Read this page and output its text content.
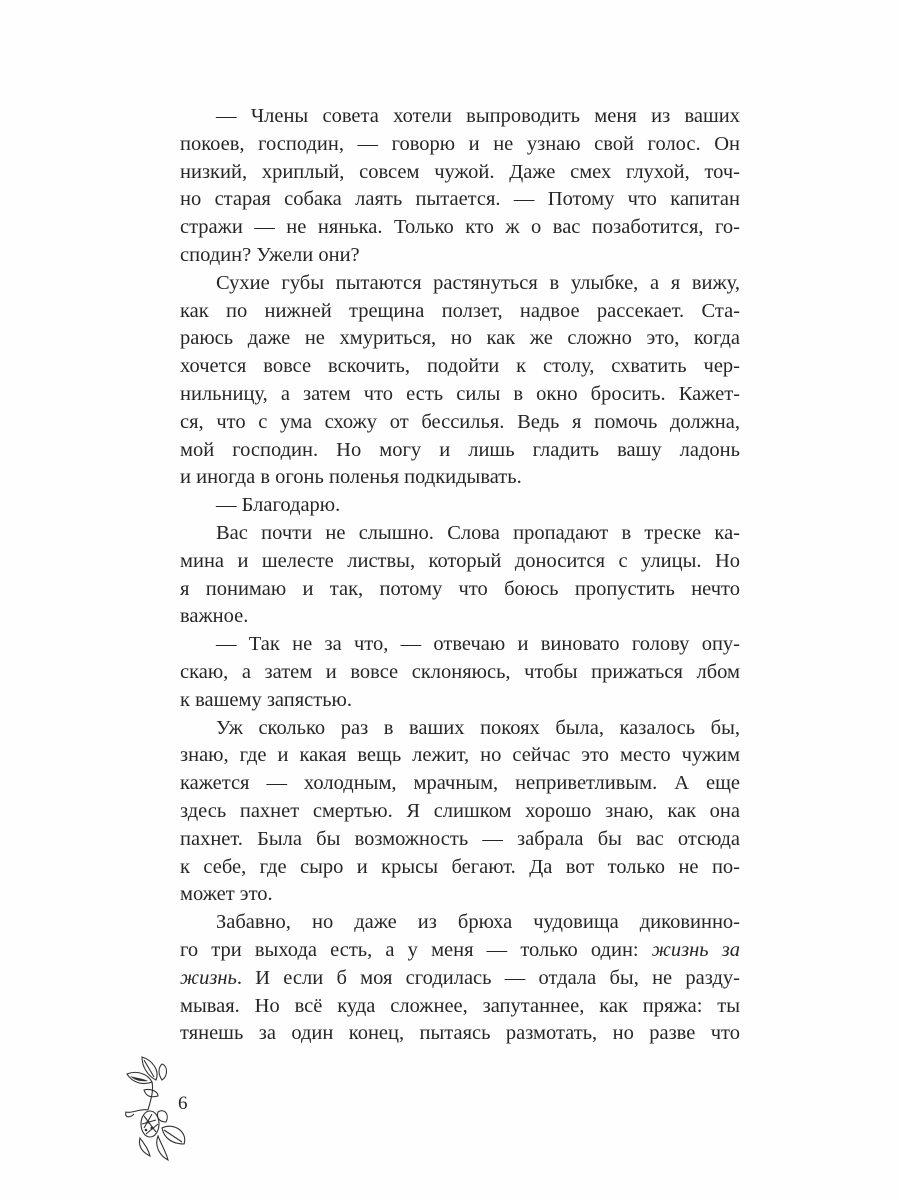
— Члены совета хотели выпроводить меня из ваших
покоев, господин, — говорю и не узнаю свой голос. Он
низкий, хриплый, совсем чужой. Даже смех глухой, точ-
но старая собака лаять пытается. — Потому что капитан
стражи — не нянька. Только кто ж о вас позаботится, го-
сподин? Ужели они?
Сухие губы пытаются растянуться в улыбке, а я вижу,
как по нижней трещина ползет, надвое рассекает. Ста-
раюсь даже не хмуриться, но как же сложно это, когда
хочется вовсе вскочить, подойти к столу, схватить чер-
нильницу, а затем что есть силы в окно бросить. Кажет-
ся, что с ума схожу от бессилья. Ведь я помочь должна,
мой господин. Но могу и лишь гладить вашу ладонь
и иногда в огонь поленья подкидывать.
— Благодарю.
Вас почти не слышно. Слова пропадают в треске ка-
мина и шелесте листвы, который доносится с улицы. Но
я понимаю и так, потому что боюсь пропустить нечто
важное.
— Так не за что, — отвечаю и виновато голову опу-
скаю, а затем и вовсе склоняюсь, чтобы прижаться лбом
к вашему запястью.
Уж сколько раз в ваших покоях была, казалось бы,
знаю, где и какая вещь лежит, но сейчас это место чужим
кажется — холодным, мрачным, неприветливым. А еще
здесь пахнет смертью. Я слишком хорошо знаю, как она
пахнет. Была бы возможность — забрала бы вас отсюда
к себе, где сыро и крысы бегают. Да вот только не по-
может это.
Забавно, но даже из брюха чудовища диковинно-
го три выхода есть, а у меня — только один: жизнь за
жизнь. И если б моя сгодилась — отдала бы, не разду-
мывая. Но всё куда сложнее, запутаннее, как пряжа: ты
тянешь за один конец, пытаясь размотать, но разве что
6
